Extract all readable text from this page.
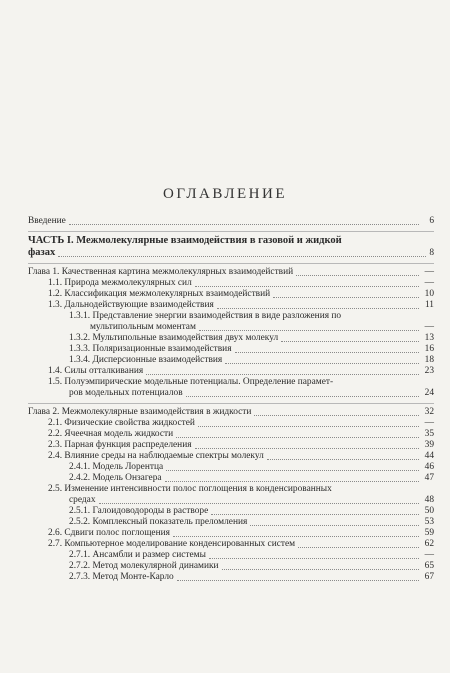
ОГЛАВЛЕНИЕ
Введение	6
ЧАСТЬ I. Межмолекулярные взаимодействия в газовой и жидкой
фазах	8
Глава 1. Качественная картина межмолекулярных взаимодействий	—
1.1. Природа межмолекулярных сил	—
1.2. Классификация межмолекулярных взаимодействий	10
1.3. Дальнодействующие взаимодействия	11
1.3.1. Представление энергии взаимодействия в виде разложения по
мультипольным моментам	—
1.3.2. Мультипольные взаимодействия двух молекул	13
1.3.3. Поляризационные взаимодействия	16
1.3.4. Дисперсионные взаимодействия	18
1.4. Силы отталкивания	23
1.5. Полуэмпирические модельные потенциалы. Определение парамет-
ров модельных потенциалов	24
Глава 2. Межмолекулярные взаимодействия в жидкости	32
2.1. Физические свойства жидкостей	—
2.2. Ячеечная модель жидкости	35
2.3. Парная функция распределения	39
2.4. Влияние среды на наблюдаемые спектры молекул	44
2.4.1. Модель Лорентца	46
2.4.2. Модель Онзагера	47
2.5. Изменение интенсивности полос поглощения в конденсированных
средах	48
2.5.1. Галоидоводороды в растворе	50
2.5.2. Комплексный показатель преломления	53
2.6. Сдвиги полос поглощения	59
2.7. Компьютерное моделирование конденсированных систем	62
2.7.1. Ансамбли и размер системы	—
2.7.2. Метод молекулярной динамики	65
2.7.3. Метод Монте-Карло	67
